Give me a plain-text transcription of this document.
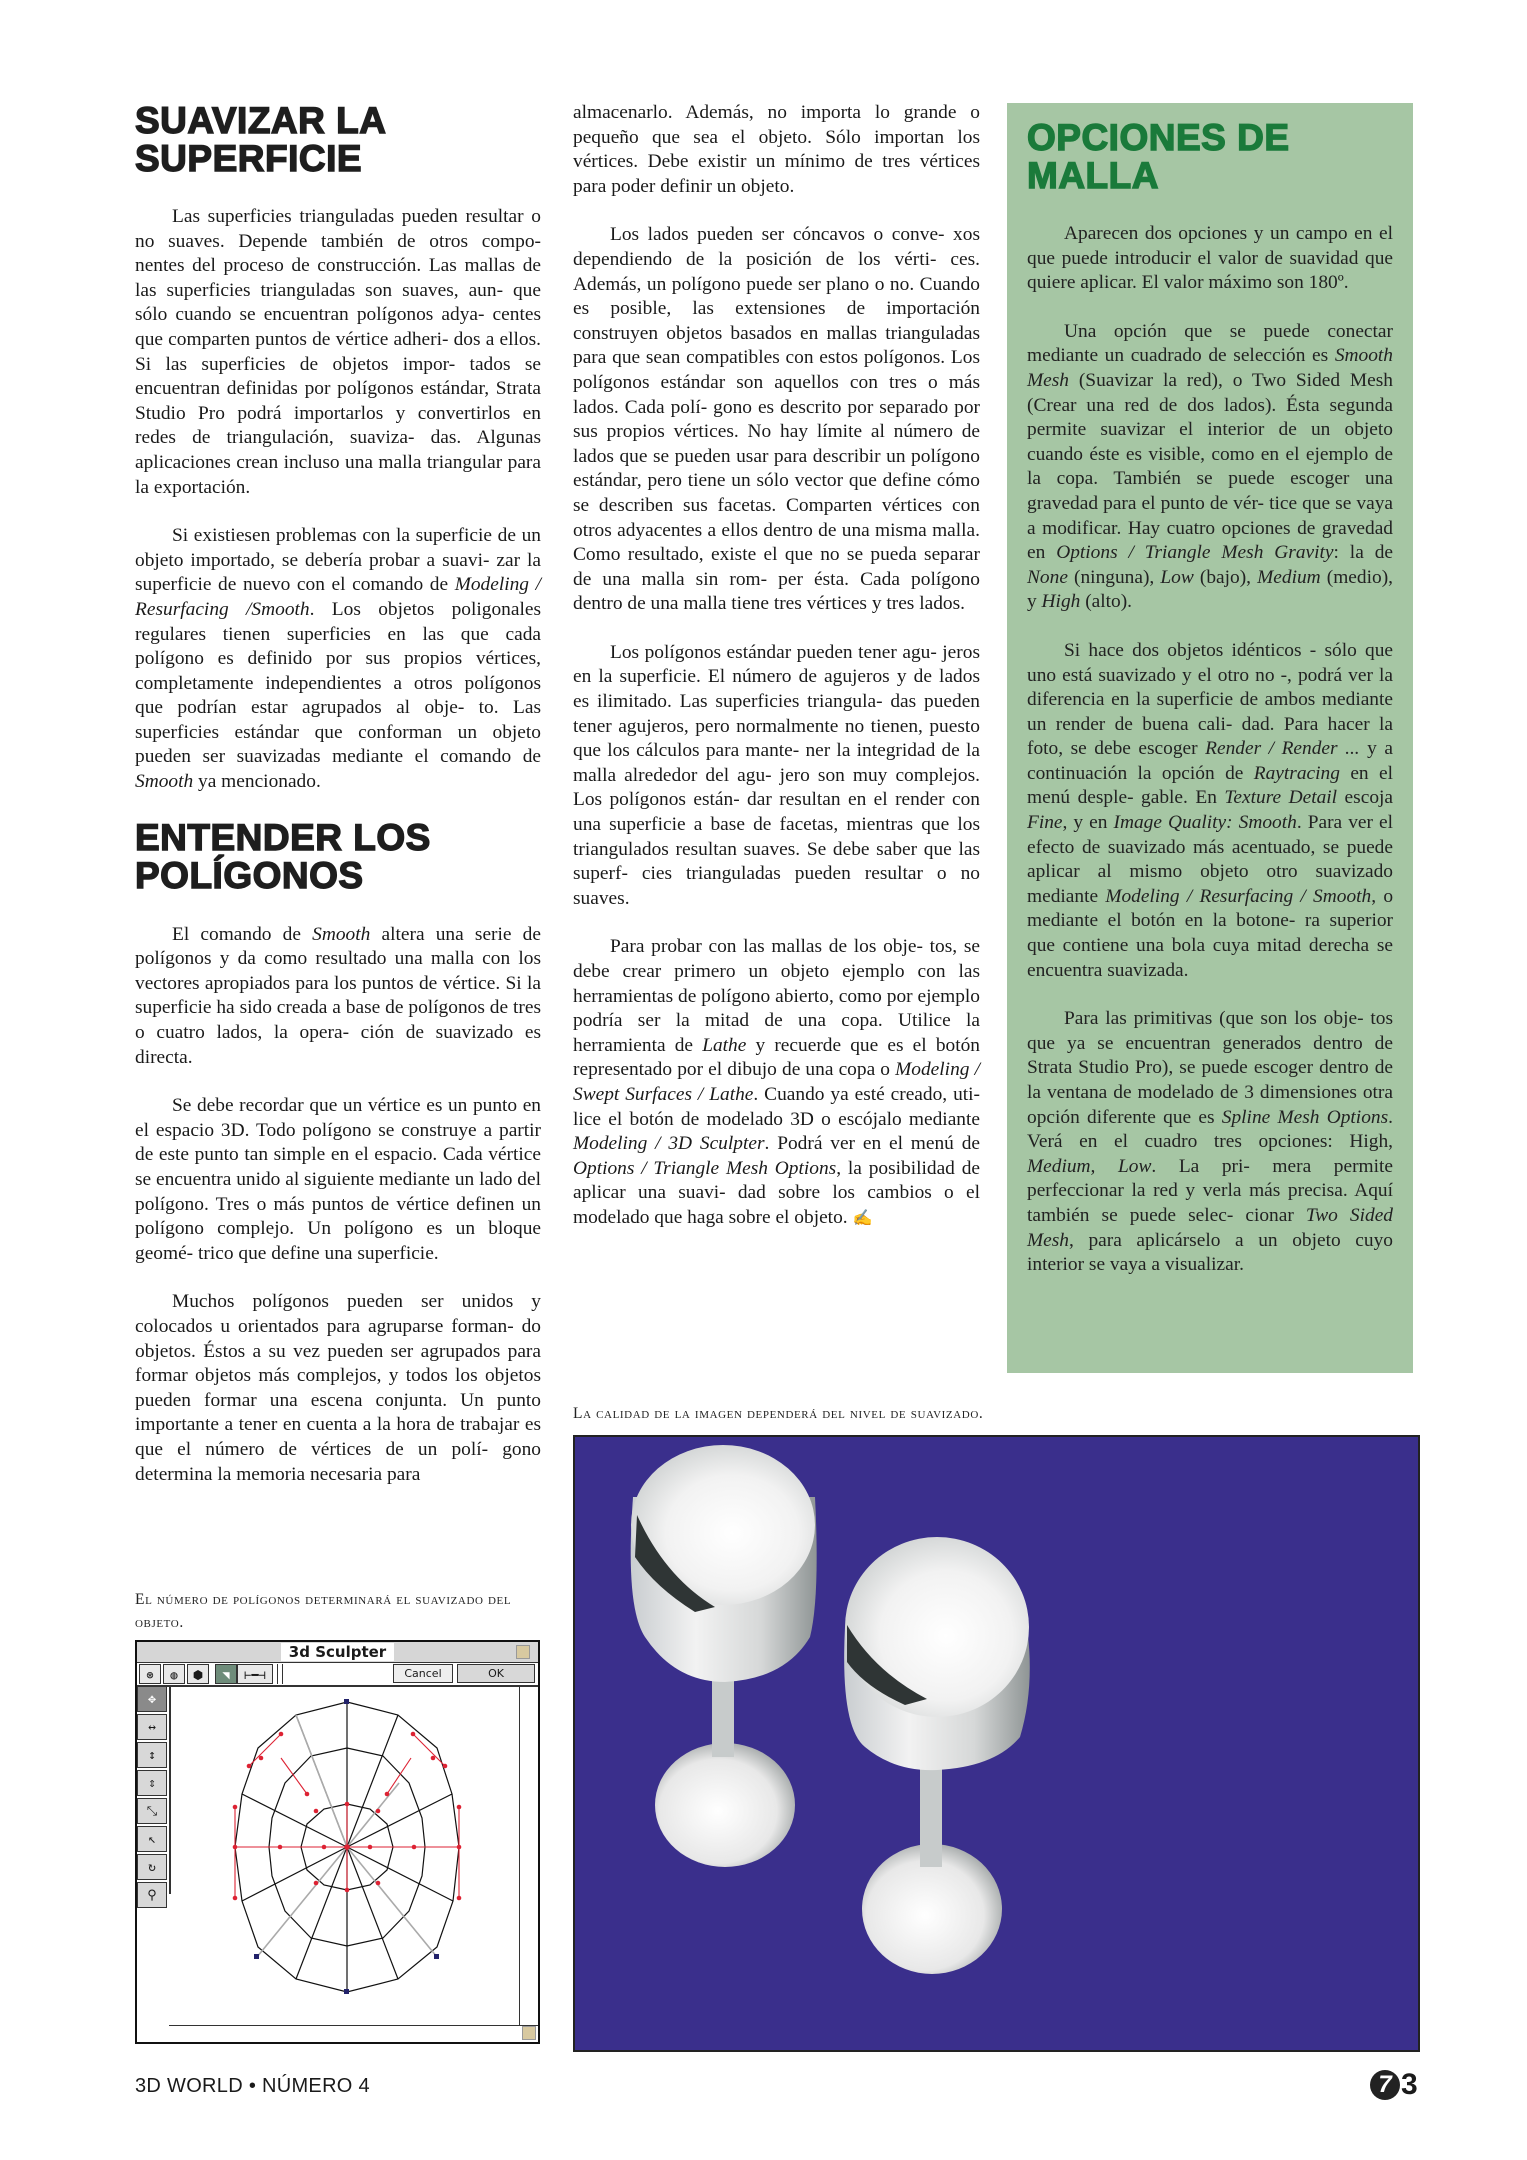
SUAVIZAR LA
SUPERFICIE

Las superficies trianguladas pueden resultar o no suaves. Depende también de otros compo- nentes del proceso de construcción. Las mallas de las superficies trianguladas son suaves, aun- que sólo cuando se encuentran polígonos adya- centes que comparten puntos de vértice adheri- dos a ellos. Si las superficies de objetos impor- tados se encuentran definidas por polígonos estándar, Strata Studio Pro podrá importarlos y convertirlos en redes de triangulación, suaviza- das. Algunas aplicaciones crean incluso una malla triangular para la exportación.

Si existiesen problemas con la superficie de un objeto importado, se debería probar a suavi- zar la superficie de nuevo con el comando de Modeling / Resurfacing /Smooth. Los objetos poligonales regulares tienen superficies en las que cada polígono es definido por sus propios vértices, completamente independientes a otros polígonos que podrían estar agrupados al obje- to. Las superficies estándar que conforman un objeto pueden ser suavizadas mediante el comando de Smooth ya mencionado.

ENTENDER LOS
POLÍGONOS

El comando de Smooth altera una serie de polígonos y da como resultado una malla con los vectores apropiados para los puntos de vértice. Si la superficie ha sido creada a base de polígonos de tres o cuatro lados, la opera- ción de suavizado es directa.

Se debe recordar que un vértice es un punto en el espacio 3D. Todo polígono se construye a partir de este punto tan simple en el espacio. Cada vértice se encuentra unido al siguiente mediante un lado del polígono. Tres o más puntos de vértice definen un polígono complejo. Un polígono es un bloque geomé- trico que define una superficie.

Muchos polígonos pueden ser unidos y colocados u orientados para agruparse forman- do objetos. Éstos a su vez pueden ser agrupados para formar objetos más complejos, y todos los objetos pueden formar una escena conjunta. Un punto importante a tener en cuenta a la hora de trabajar es que el número de vértices de un polí- gono determina la memoria necesaria para

El número de polígonos determinará el suavizado del objeto.
3d Sculpter
⊛	◍	⬢	◥	⊢━⊣	Cancel	OK
✥
↔
↕
⇕
⤡
↖
↻
⚲

almacenarlo. Además, no importa lo grande o pequeño que sea el objeto. Sólo importan los vértices. Debe existir un mínimo de tres vértices para poder definir un objeto.

Los lados pueden ser cóncavos o conve- xos dependiendo de la posición de los vérti- ces. Además, un polígono puede ser plano o no. Cuando es posible, las extensiones de importación construyen objetos basados en mallas trianguladas para que sean compatibles con estos polígonos. Los polígonos estándar son aquellos con tres o más lados. Cada polí- gono es descrito por separado por sus propios vértices. No hay límite al número de lados que se pueden usar para describir un polígono estándar, pero tiene un sólo vector que define cómo se describen sus facetas. Comparten vértices con otros adyacentes a ellos dentro de una misma malla. Como resultado, existe el que no se pueda separar de una malla sin rom- per ésta. Cada polígono dentro de una malla tiene tres vértices y tres lados.

Los polígonos estándar pueden tener agu- jeros en la superficie. El número de agujeros y de lados es ilimitado. Las superficies triangula- das pueden tener agujeros, pero normalmente no tienen, puesto que los cálculos para mante- ner la integridad de la malla alrededor del agu- jero son muy complejos. Los polígonos están- dar resultan en el render con una superficie a base de facetas, mientras que los triangulados resultan suaves. Se debe saber que las superf- cies trianguladas pueden resultar o no suaves.

Para probar con las mallas de los obje- tos, se debe crear primero un objeto ejemplo con las herramientas de polígono abierto, como por ejemplo podría ser la mitad de una copa. Utilice la herramienta de Lathe y recuerde que es el botón representado por el dibujo de una copa o Modeling / Swept Surfaces / Lathe. Cuando ya esté creado, uti- lice el botón de modelado 3D o escójalo mediante Modeling / 3D Sculpter. Podrá ver en el menú de Options / Triangle Mesh Options, la posibilidad de aplicar una suavi- dad sobre los cambios o el modelado que haga sobre el objeto. ✍

La calidad de la imagen dependerá del nivel de suavizado.
OPCIONES DE
MALLA

Aparecen dos opciones y un campo en el que puede introducir el valor de suavidad que quiere aplicar. El valor máximo son 180º.

Una opción que se puede conectar mediante un cuadrado de selección es Smooth Mesh (Suavizar la red), o Two Sided Mesh (Crear una red de dos lados). Ésta segunda permite suavizar el interior de un objeto cuando éste es visible, como en el ejemplo de la copa. También se puede escoger una gravedad para el punto de vér- tice que se vaya a modificar. Hay cuatro opciones de gravedad en Options / Triangle Mesh Gravity: la de None (ninguna), Low (bajo), Medium (medio), y High (alto).

Si hace dos objetos idénticos - sólo que uno está suavizado y el otro no -, podrá ver la diferencia en la superficie de ambos mediante un render de buena cali- dad. Para hacer la foto, se debe escoger Render / Render ... y a continuación la opción de Raytracing en el menú desple- gable. En Texture Detail escoja Fine, y en Image Quality: Smooth. Para ver el efecto de suavizado más acentuado, se puede aplicar al mismo objeto otro suavizado mediante Modeling / Resurfacing / Smooth, o mediante el botón en la botone- ra superior que contiene una bola cuya mitad derecha se encuentra suavizada.

Para las primitivas (que son los obje- tos que ya se encuentran generados dentro de Strata Studio Pro), se puede escoger dentro de la ventana de modelado de 3 dimensiones otra opción diferente que es Spline Mesh Options. Verá en el cuadro tres opciones: High, Medium, Low. La pri- mera permite perfeccionar la red y verla más precisa. Aquí también se puede selec- cionar Two Sided Mesh, para aplicárselo a un objeto cuyo interior se vaya a visualizar.

3D WORLD • NÚMERO 4	7 3
